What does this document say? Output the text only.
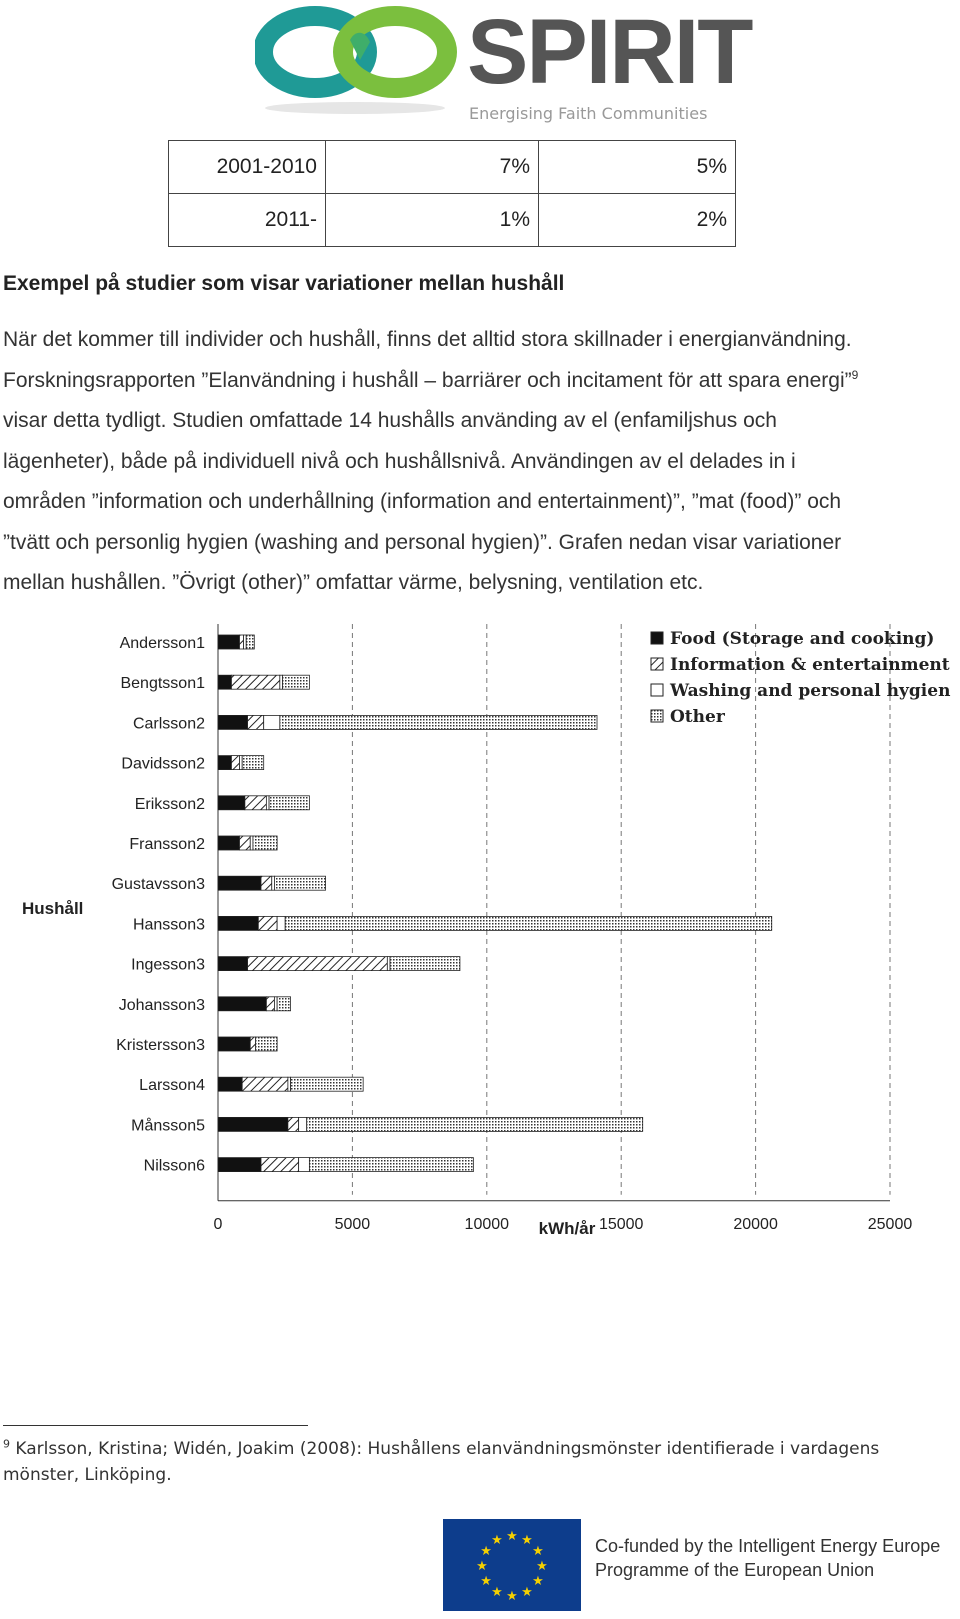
SPIRIT
Energising Faith Communities
2001-2010	7%	5%
2011-	1%	2%
Exempel på studier som visar variationer mellan hushåll

När det kommer till individer och hushåll, finns det alltid stora skillnader i energianvändning.

Forskningsrapporten ”Elanvändning i hushåll – barriärer och incitament för att spara energi”$^9$

visar detta tydligt. Studien omfattade 14 hushålls använding av el (enfamiljshus och

lägenheter), både på individuell nivå och hushållsnivå. Användingen av el delades in i

områden ”information och underhållning (information and entertainment)”, ”mat (food)” och

”tvätt och personlig hygien (washing and personal hygien)”. Grafen nedan visar variationer

mellan hushållen. ”Övrigt (other)” omfattar värme, belysning, ventilation etc.

Hushåll
kWh/år
Andersson1
Bengtsson1
Carlsson2
Davidsson2
Eriksson2
Fransson2
Gustavsson3
Hansson3
Ingesson3
Johansson3
Kristersson3
Larsson4
Månsson5
Nilsson6
0	5000	10000	15000	20000	25000
Food (Storage and cooking)
Information & entertainment
Washing and personal hygien
Other
$^9$ Karlsson, Kristina; Widén, Joakim (2008): Hushållens elanvändningsmönster identifierade i vardagens
mönster, Linköping.
★ ★
★
★
★
★
★
★
★
★
★
★	Co-funded by the Intelligent Energy Europe
Programme of the European Union
